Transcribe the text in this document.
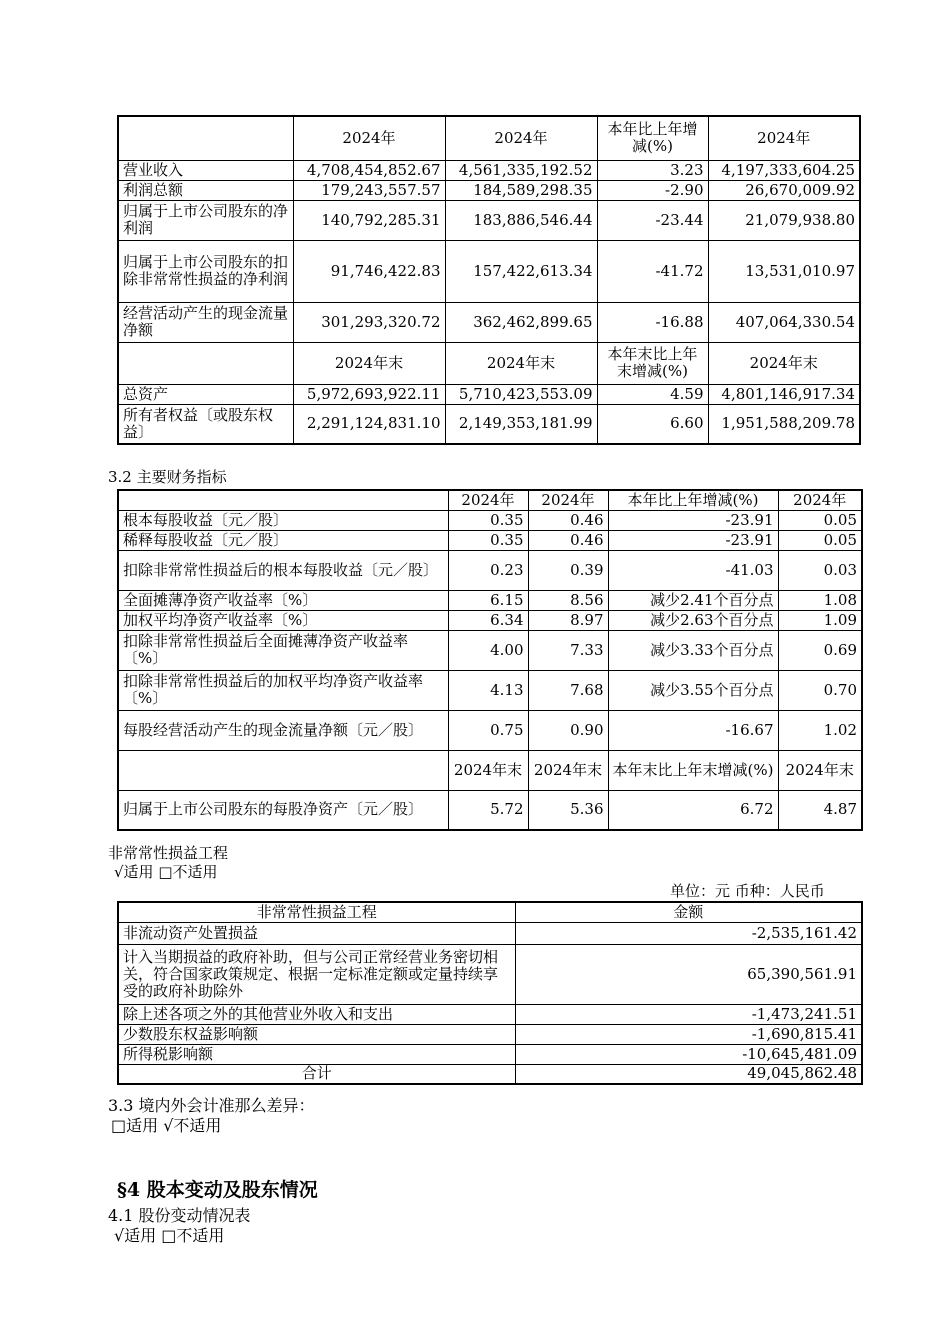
	2024年	2024年	本年比上年增减(%)	2024年
营业收入	4,708,454,852.67	4,561,335,192.52	3.23	4,197,333,604.25
利润总额	179,243,557.57	184,589,298.35	-2.90	26,670,009.92
归属于上市公司股东的净利润	140,792,285.31	183,886,546.44	-23.44	21,079,938.80
归属于上市公司股东的扣除非常常性损益的净利润	91,746,422.83	157,422,613.34	-41.72	13,531,010.97
经营活动产生的现金流量净额	301,293,320.72	362,462,899.65	-16.88	407,064,330.54
	2024年末	2024年末	本年末比上年末增减(%)	2024年末
总资产	5,972,693,922.11	5,710,423,553.09	4.59	4,801,146,917.34
所有者权益〔或股东权益〕	2,291,124,831.10	2,149,353,181.99	6.60	1,951,588,209.78
3.2 主要财务指标
	2024年	2024年	本年比上年增减(%)	2024年
根本每股收益〔元／股〕	0.35	0.46	-23.91	0.05
稀释每股收益〔元／股〕	0.35	0.46	-23.91	0.05
扣除非常常性损益后的根本每股收益〔元／股〕	0.23	0.39	-41.03	0.03
全面摊薄净资产收益率〔%〕	6.15	8.56	减少2.41个百分点	1.08
加权平均净资产收益率〔%〕	6.34	8.97	减少2.63个百分点	1.09
扣除非常常性损益后全面摊薄净资产收益率〔%〕	4.00	7.33	减少3.33个百分点	0.69
扣除非常常性损益后的加权平均净资产收益率〔%〕	4.13	7.68	减少3.55个百分点	0.70
每股经营活动产生的现金流量净额〔元／股〕	0.75	0.90	-16.67	1.02
	2024年末	2024年末	本年末比上年末增减(%)	2024年末
归属于上市公司股东的每股净资产〔元／股〕	5.72	5.36	6.72	4.87
非常常性损益工程
√适用 □不适用
单位：元 币种：人民币
非常常性损益工程	金额
非流动资产处置损益	-2,535,161.42
计入当期损益的政府补助，但与公司正常经营业务密切相关，符合国家政策规定、根据一定标准定额或定量持续享受的政府补助除外	65,390,561.91
除上述各项之外的其他营业外收入和支出	-1,473,241.51
少数股东权益影响额	-1,690,815.41
所得税影响额	-10,645,481.09
合计	49,045,862.48
3.3 境内外会计准那么差异：
□适用 √不适用
§4 股本变动及股东情况
4.1 股份变动情况表
√适用 □不适用
